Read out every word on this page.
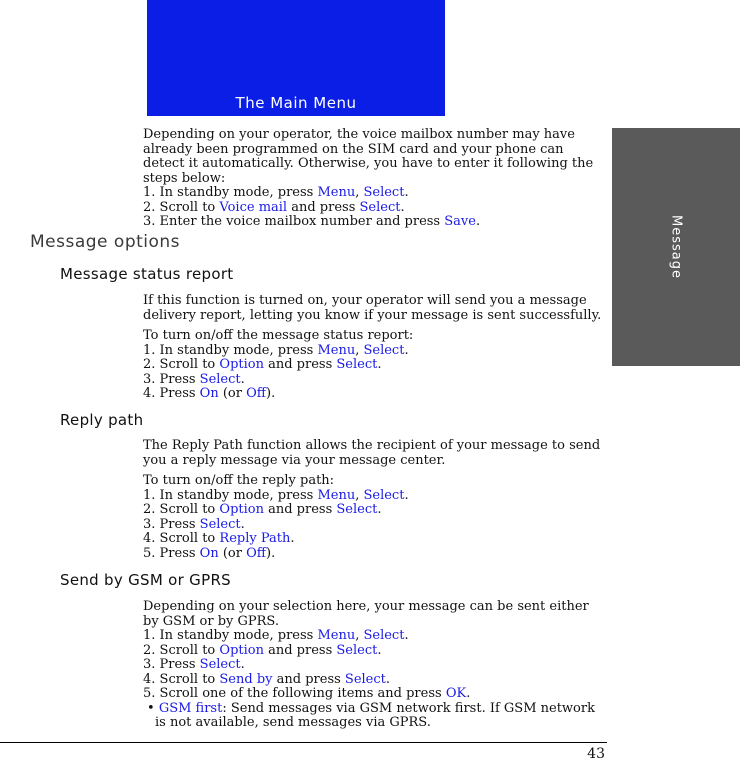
The Main Menu
Message

Depending on your operator, the voice mailbox number may have already been programmed on the SIM card and your phone can detect it automatically. Otherwise, you have to enter it following the steps below:

1. In standby mode, press Menu, Select.

2. Scroll to Voice mail and press Select.

3. Enter the voice mailbox number and press Save.

Message options
Message status report

If this function is turned on, your operator will send you a message delivery report, letting you know if your message is sent successfully.

To turn on/off the message status report:

1. In standby mode, press Menu, Select.

2. Scroll to Option and press Select.

3. Press Select.

4. Press On (or Off).

Reply path

The Reply Path function allows the recipient of your message to send you a reply message via your message center.

To turn on/off the reply path:

1. In standby mode, press Menu, Select.

2. Scroll to Option and press Select.

3. Press Select.

4. Scroll to Reply Path.

5. Press On (or Off).

Send by GSM or GPRS

Depending on your selection here, your message can be sent either by GSM or by GPRS.

1. In standby mode, press Menu, Select.

2. Scroll to Option and press Select.

3. Press Select.

4. Scroll to Send by and press Select.

5. Scroll one of the following items and press OK.

• GSM first: Send messages via GSM network first. If GSM network is not available, send messages via GPRS.

43
